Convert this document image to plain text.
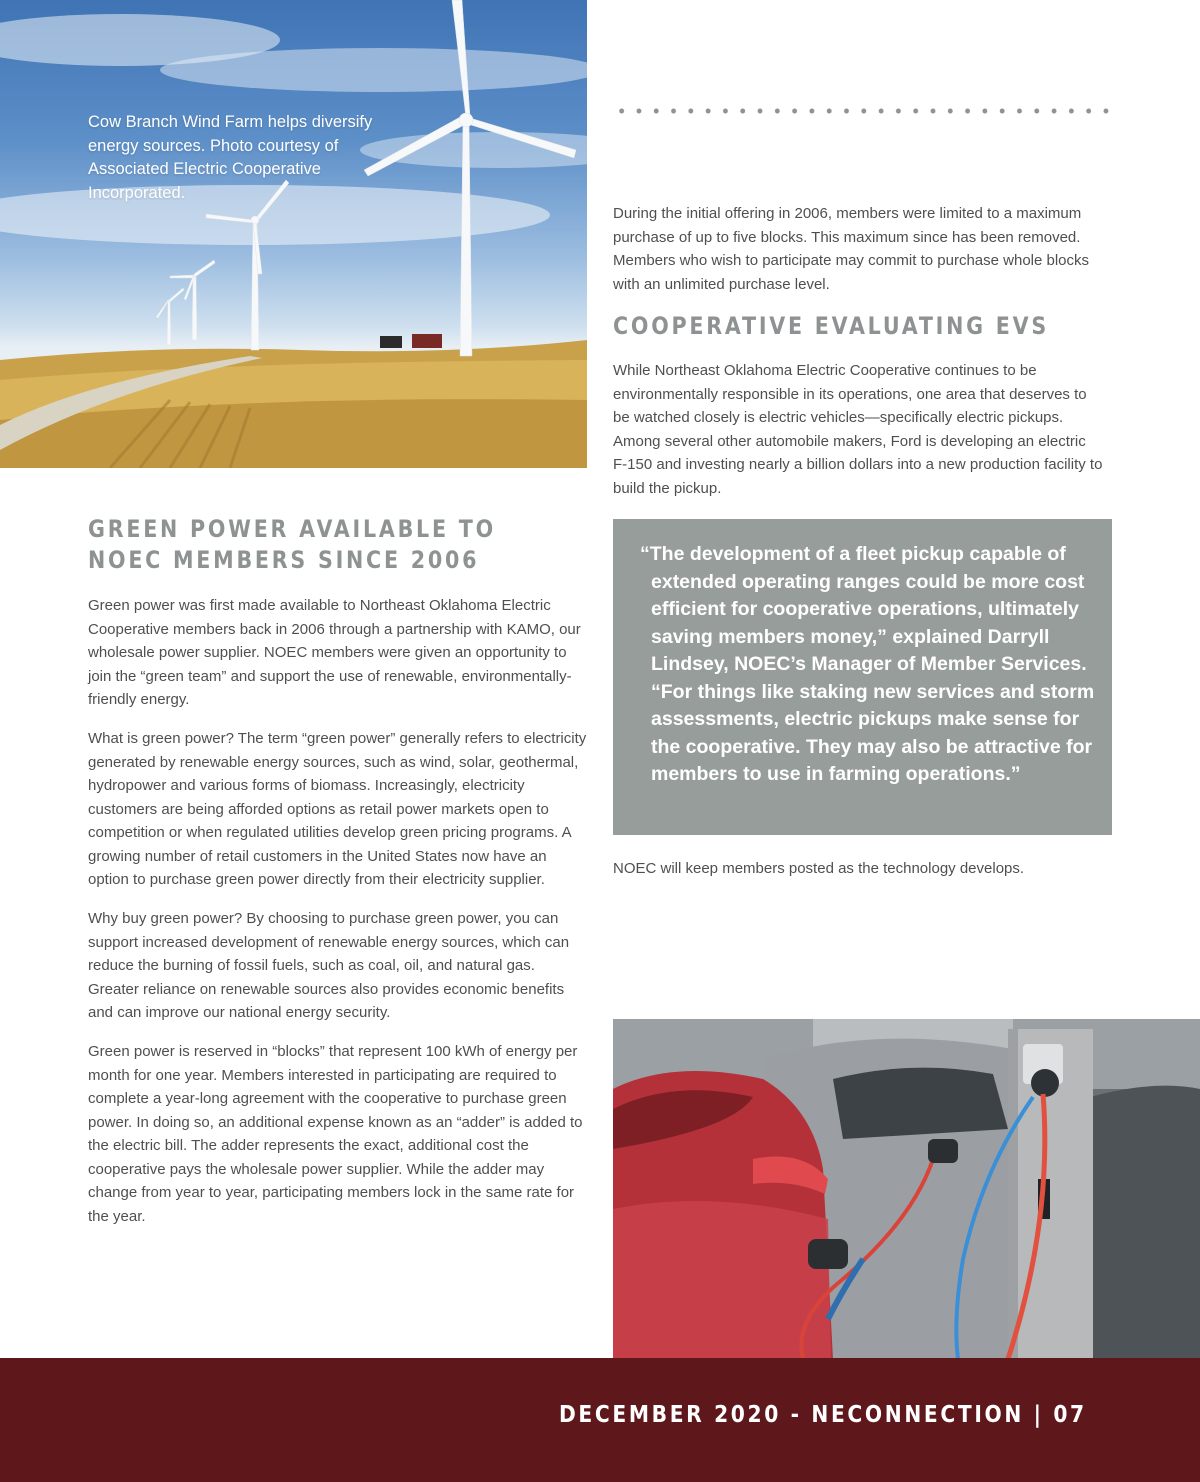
Cow Branch Wind Farm helps diversify energy sources. Photo courtesy of Associated Electric Cooperative Incorporated.

During the initial offering in 2006, members were limited to a maximum purchase of up to five blocks. This maximum since has been removed. Members who wish to participate may commit to purchase whole blocks with an unlimited purchase level.

COOPERATIVE EVALUATING EVS

While Northeast Oklahoma Electric Cooperative continues to be environmentally responsible in its operations, one area that deserves to be watched closely is electric vehicles—specifically electric pickups. Among several other automobile makers, Ford is developing an electric F-150 and investing nearly a billion dollars into a new production facility to build the pickup.

“The development of a fleet pickup capable of extended operating ranges could be more cost efficient for cooperative operations, ultimately saving members money,” explained Darryll Lindsey, NOEC’s Manager of Member Services. “For things like staking new services and storm assessments, electric pickups make sense for the cooperative. They may also be attractive for members to use in farming operations.”

NOEC will keep members posted as the technology develops.

GREEN POWER AVAILABLE TO
NOEC MEMBERS SINCE 2006

Green power was first made available to Northeast Oklahoma Electric Cooperative members back in 2006 through a partnership with KAMO, our wholesale power supplier. NOEC members were given an opportunity to join the “green team” and support the use of renewable, environmentally-friendly energy.

What is green power? The term “green power” generally refers to electricity generated by renewable energy sources, such as wind, solar, geothermal, hydropower and various forms of biomass. Increasingly, electricity customers are being afforded options as retail power markets open to competition or when regulated utilities develop green pricing programs. A growing number of retail customers in the United States now have an option to purchase green power directly from their electricity supplier.

Why buy green power? By choosing to purchase green power, you can support increased development of renewable energy sources, which can reduce the burning of fossil fuels, such as coal, oil, and natural gas. Greater reliance on renewable sources also provides economic benefits and can improve our national energy security.

Green power is reserved in “blocks” that represent 100 kWh of energy per month for one year. Members interested in participating are required to complete a year-long agreement with the cooperative to purchase green power. In doing so, an additional expense known as an “adder” is added to the electric bill. The adder represents the exact, additional cost the cooperative pays the wholesale power supplier. While the adder may change from year to year, participating members lock in the same rate for the year.

DECEMBER 2020 - NECONNECTION | 07
